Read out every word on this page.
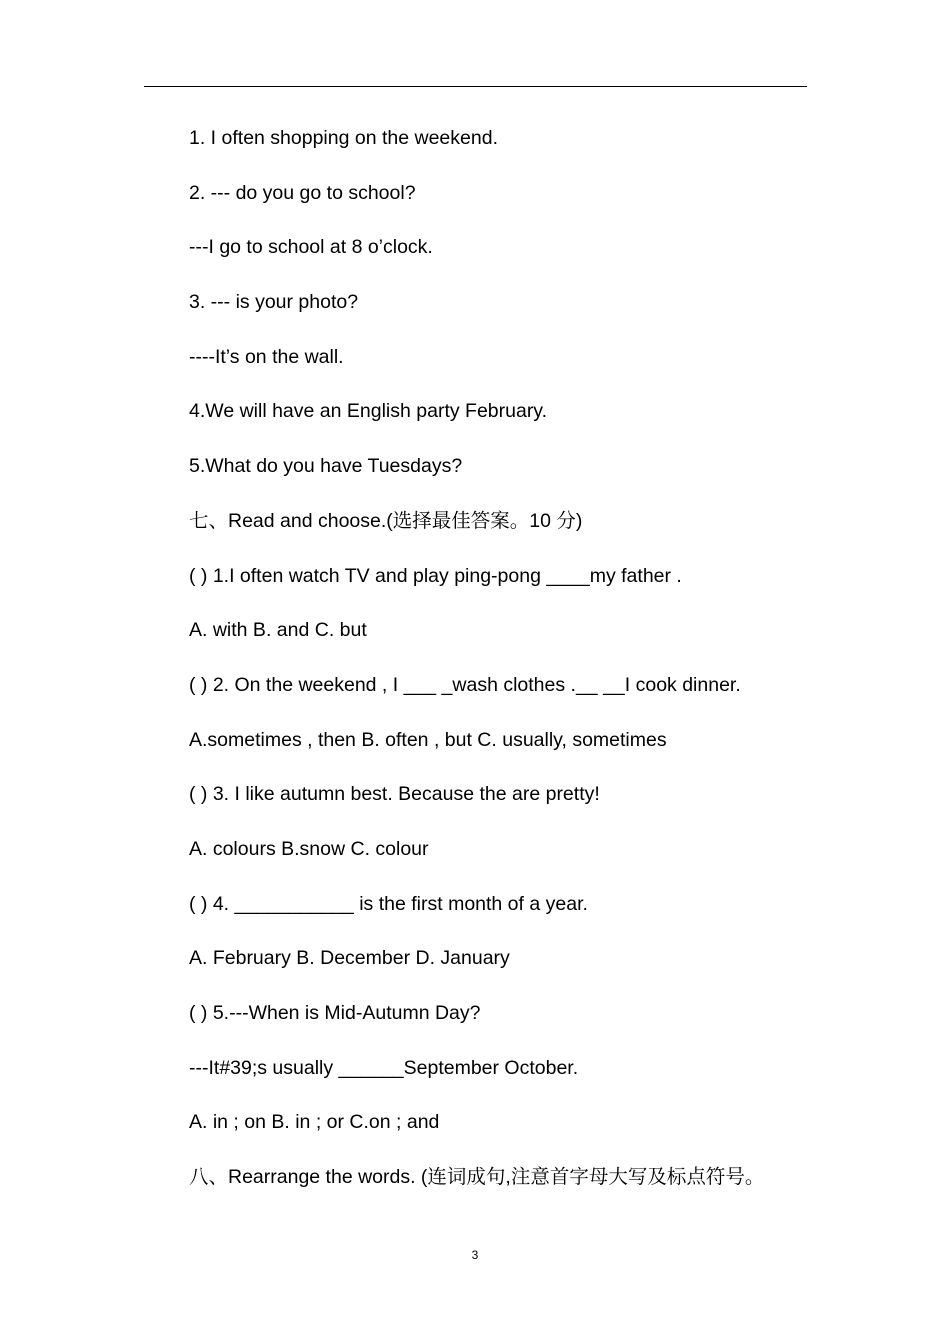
1. I often shopping on the weekend.
2. --- do you go to school?
---I go to school at 8 o’clock.
3. --- is your photo?
----It’s on the wall.
4.We will have an English party February.
5.What do you have Tuesdays?
七、Read and choose.(选择最佳答案。10 分)
( ) 1.I often watch TV and play ping-pong ____my father .
A. with B. and C. but
( ) 2. On the weekend , I ___ _wash clothes .__ __I cook dinner.
A.sometimes , then B. often , but C. usually, sometimes
( ) 3. I like autumn best. Because the are pretty!
A. colours B.snow C. colour
( ) 4. ___________ is the first month of a year.
A. February B. December D. January
( ) 5.---When is Mid-Autumn Day?
---It#39;s usually ______September October.
A. in ; on B. in ; or C.on ; and
八、Rearrange the words. (连词成句,注意首字母大写及标点符号。
3
